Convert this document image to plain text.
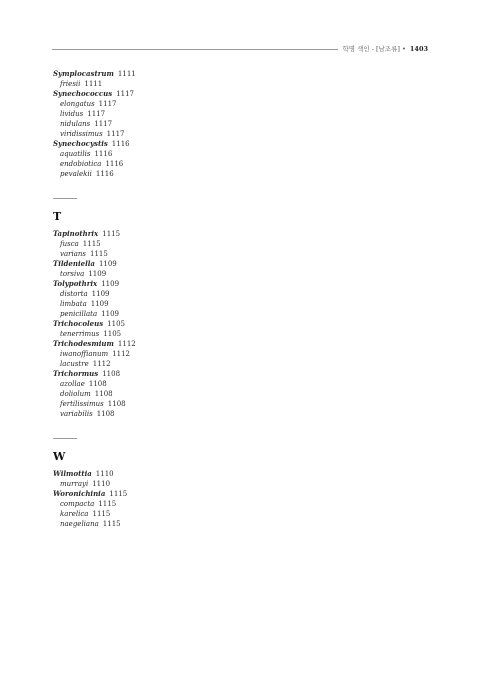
학명 색인 - [남조류] • 1403
Symplocastrum 1111
friesii 1111
Synechococcus 1117
elongatus 1117
lividus 1117
nidulans 1117
viridissimus 1117
Synechocystis 1116
aquatilis 1116
endobiotica 1116
pevalekii 1116
T
Tapinothrix 1115
fusca 1115
varians 1115
Tildeniella 1109
torsiva 1109
Tolypothrix 1109
distorta 1109
limbata 1109
penicillata 1109
Trichocoleus 1105
tenerrimus 1105
Trichodesmium 1112
iwanoffianum 1112
lacustre 1112
Trichormus 1108
azollae 1108
doliolum 1108
fertilissimus 1108
variabilis 1108
W
Wilmottia 1110
murrayi 1110
Woronichinia 1115
compacta 1115
karelica 1115
naegeliana 1115
